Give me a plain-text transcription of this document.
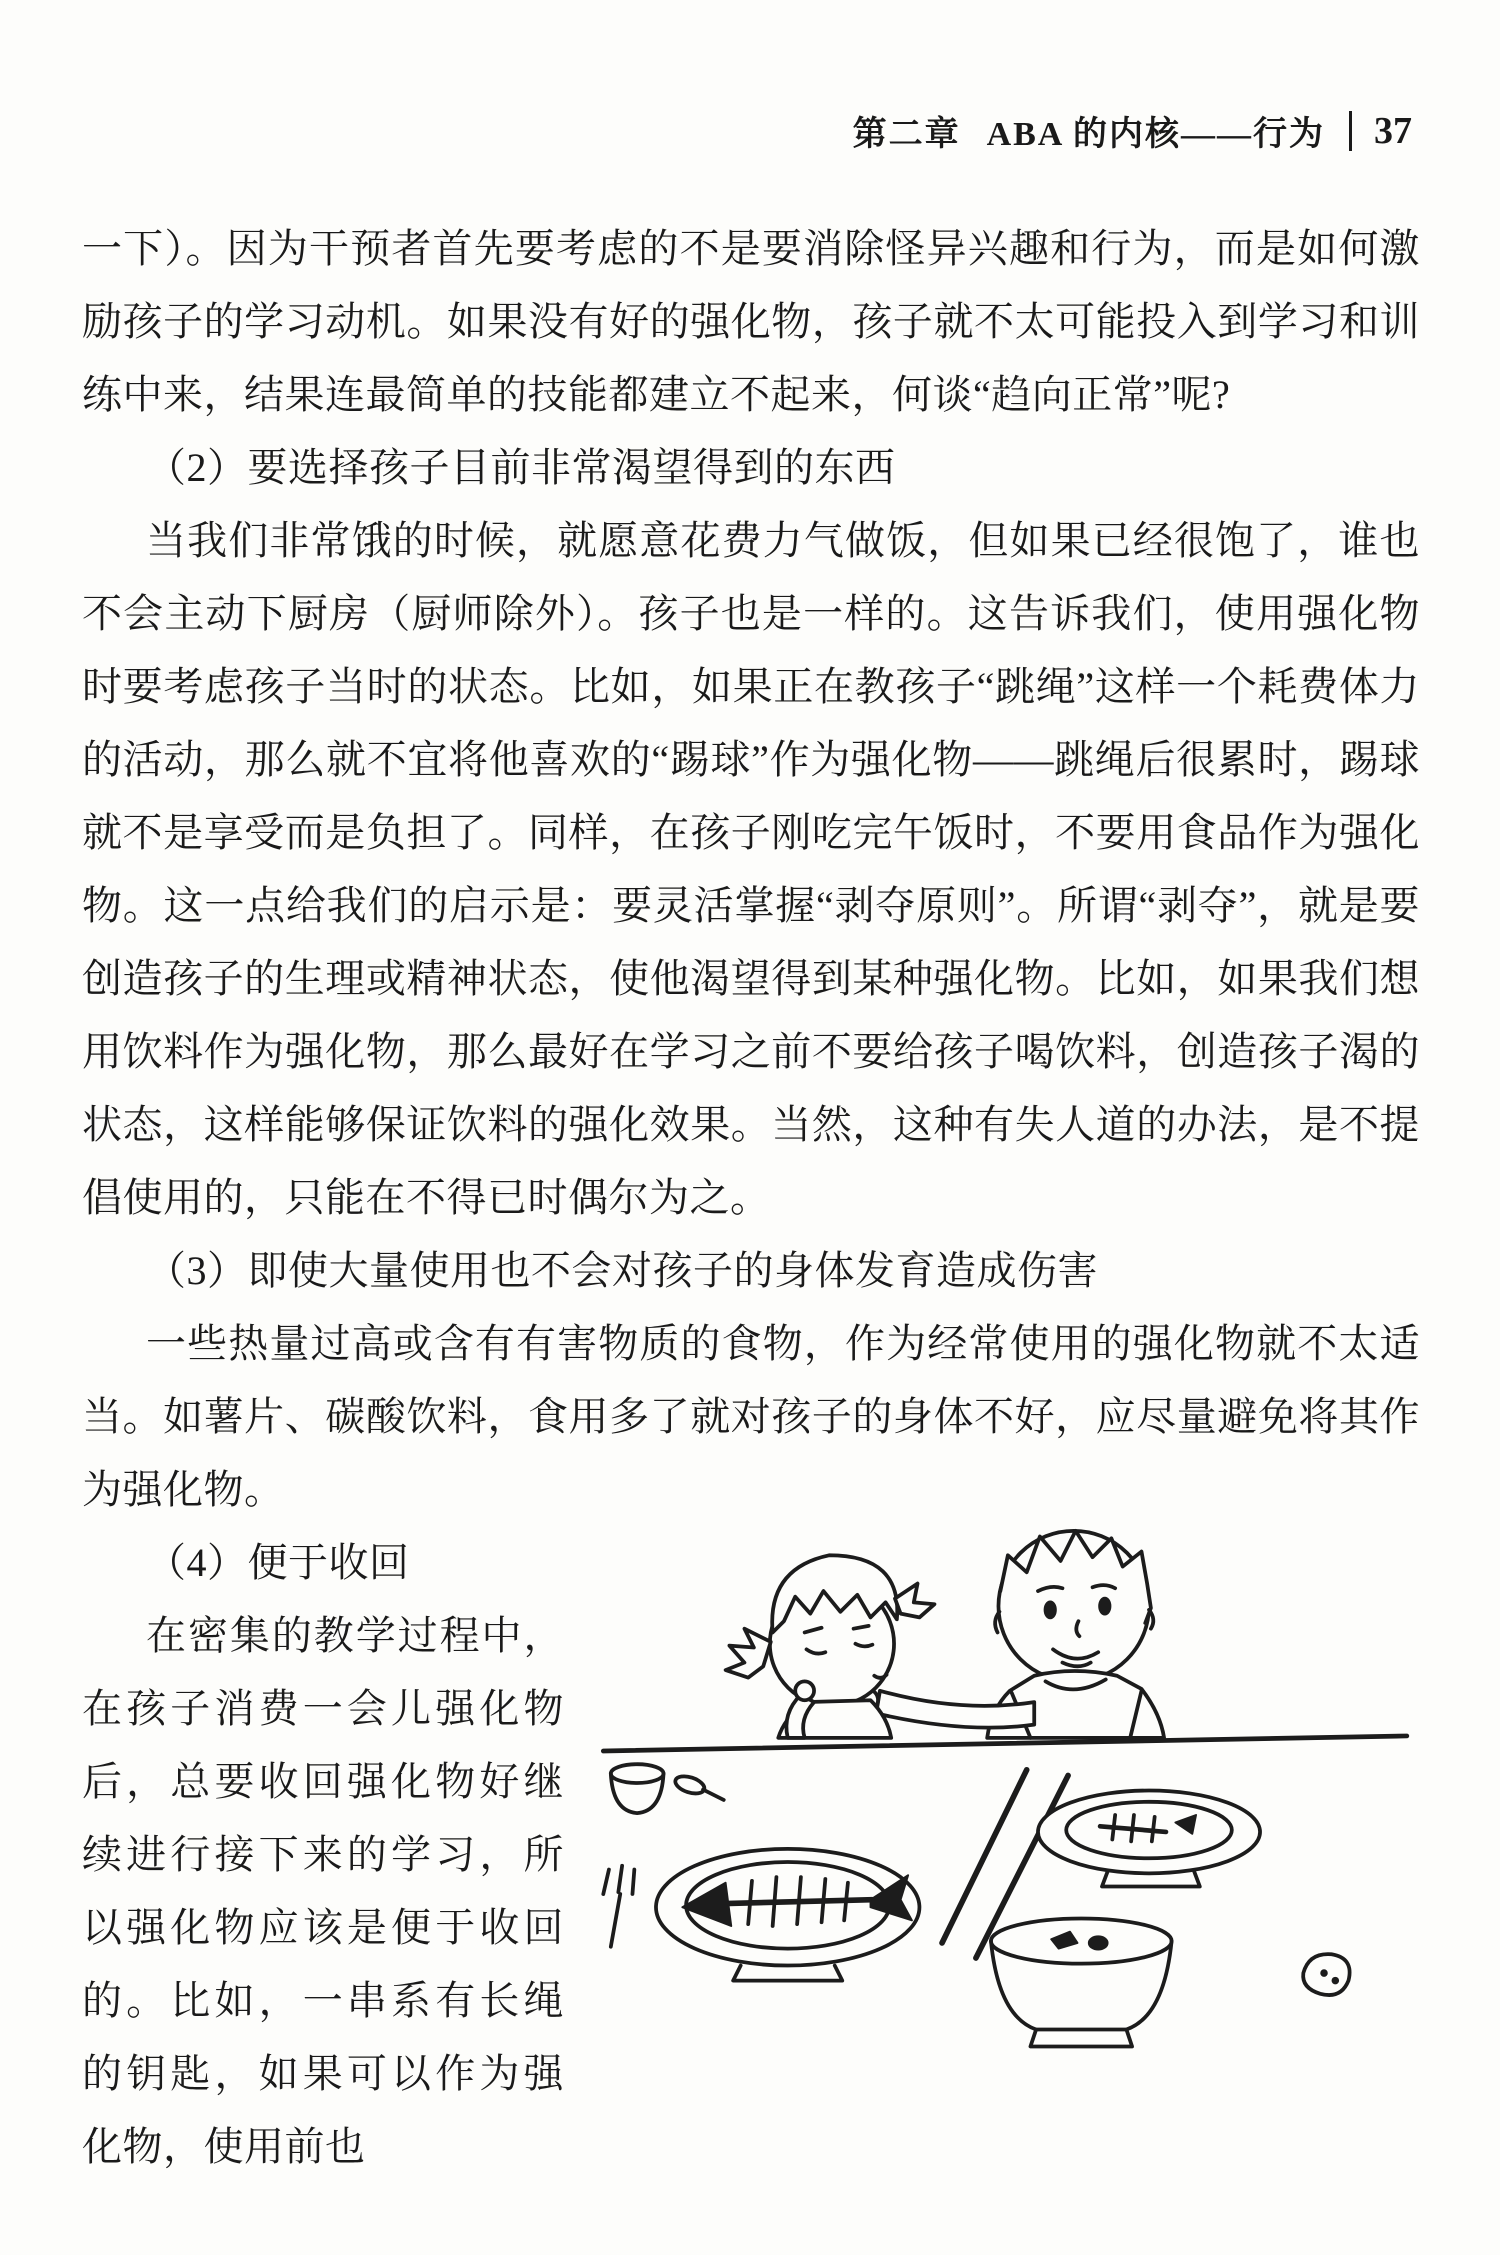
第二章 ABA 的内核——行为 37

一下）。因为干预者首先要考虑的不是要消除怪异兴趣和行为，而是如何激励孩子的学习动机。如果没有好的强化物，孩子就不太可能投入到学习和训练中来，结果连最简单的技能都建立不起来，何谈“趋向正常”呢?

（2）要选择孩子目前非常渴望得到的东西

当我们非常饿的时候，就愿意花费力气做饭，但如果已经很饱了，谁也不会主动下厨房（厨师除外）。孩子也是一样的。这告诉我们，使用强化物时要考虑孩子当时的状态。比如，如果正在教孩子“跳绳”这样一个耗费体力的活动，那么就不宜将他喜欢的“踢球”作为强化物——跳绳后很累时，踢球就不是享受而是负担了。同样，在孩子刚吃完午饭时，不要用食品作为强化物。这一点给我们的启示是：要灵活掌握“剥夺原则”。所谓“剥夺”，就是要创造孩子的生理或精神状态，使他渴望得到某种强化物。比如，如果我们想用饮料作为强化物，那么最好在学习之前不要给孩子喝饮料，创造孩子渴的状态，这样能够保证饮料的强化效果。当然，这种有失人道的办法，是不提倡使用的，只能在不得已时偶尔为之。

（3）即使大量使用也不会对孩子的身体发育造成伤害

一些热量过高或含有有害物质的食物，作为经常使用的强化物就不太适当。如薯片、碳酸饮料，食用多了就对孩子的身体不好，应尽量避免将其作为强化物。

（4）便于收回

在密集的教学过程中，在孩子消费一会儿强化物后，总要收回强化物好继续进行接下来的学习，所以强化物应该是便于收回的。比如，一串系有长绳的钥匙，如果可以作为强化物，使用前也
